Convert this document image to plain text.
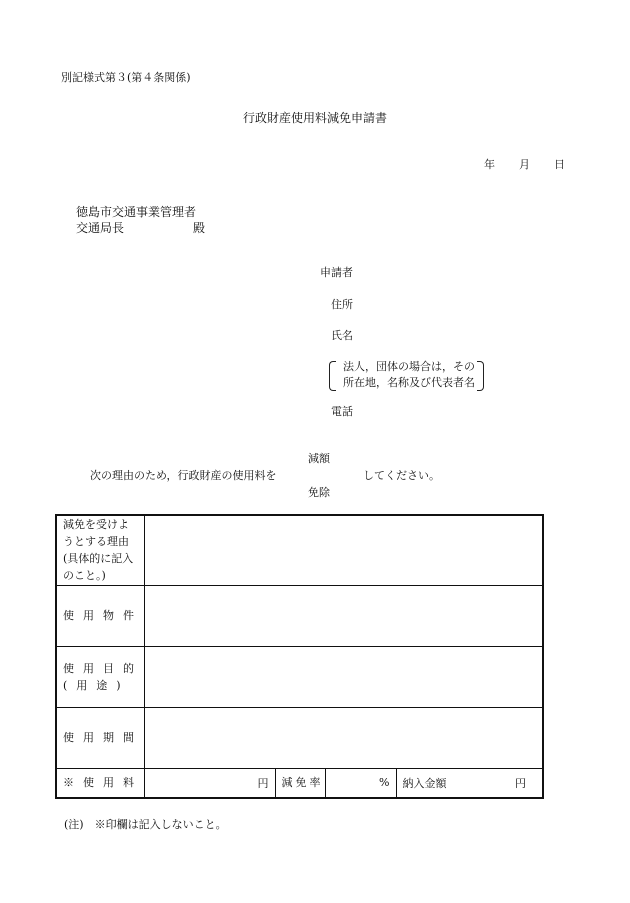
別記様式第３(第４条関係)
行政財産使用料減免申請書
年 月 日
徳島市交通事業管理者
交通局長	殿
申請者
住所
氏名
法人，団体の場合は，その
所在地，名称及び代表者名
電話
減額
次の理由のため，行政財産の使用料を	してください。
免除
減免を受けよ
うとする理由
(具体的に記入
のこと。)				

使用物件				

使用目的
(用途)				

使用期間				
※使用料	円	減免率	%	納入金額 円
(注)　※印欄は記入しないこと。
